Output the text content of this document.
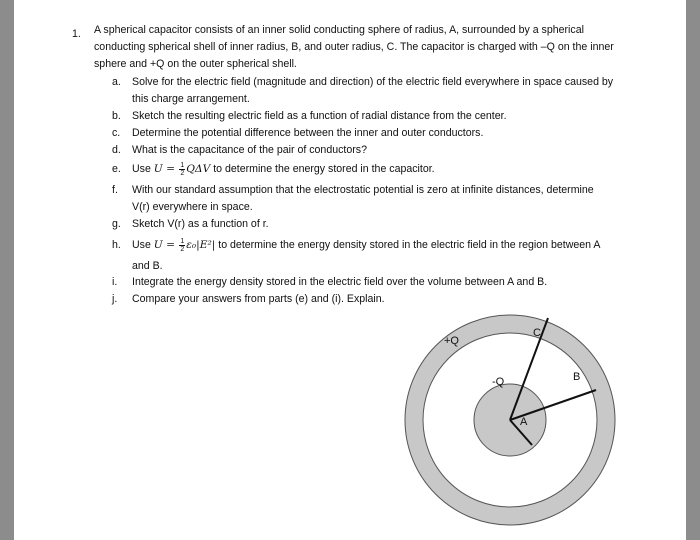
1. A spherical capacitor consists of an inner solid conducting sphere of radius, A, surrounded by a spherical
conducting spherical shell of inner radius, B, and outer radius, C. The capacitor is charged with –Q on the inner
sphere and +Q on the outer spherical shell.
a.	Solve for the electric field (magnitude and direction) of the electric field everywhere in space caused by
this charge arrangement.
b.	Sketch the resulting electric field as a function of radial distance from the center.
c.	Determine the potential difference between the inner and outer conductors.
d.	What is the capacitance of the pair of conductors?
e.	Use $U = \frac{1}{2}$ QΔV to determine the energy stored in the capacitor.
f.	With our standard assumption that the electrostatic potential is zero at infinite distances, determine
V(r) everywhere in space.
g.	Sketch V(r) as a function of r.
h.	Use $U = \frac{1}{2} \varepsilon_0|E^2|$ to determine the energy density stored in the electric field in the region between A
and B.
i.	Integrate the energy density stored in the electric field over the volume between A and B.
j.	Compare your answers from parts (e) and (i). Explain.
+Q
-Q
C
B
A
